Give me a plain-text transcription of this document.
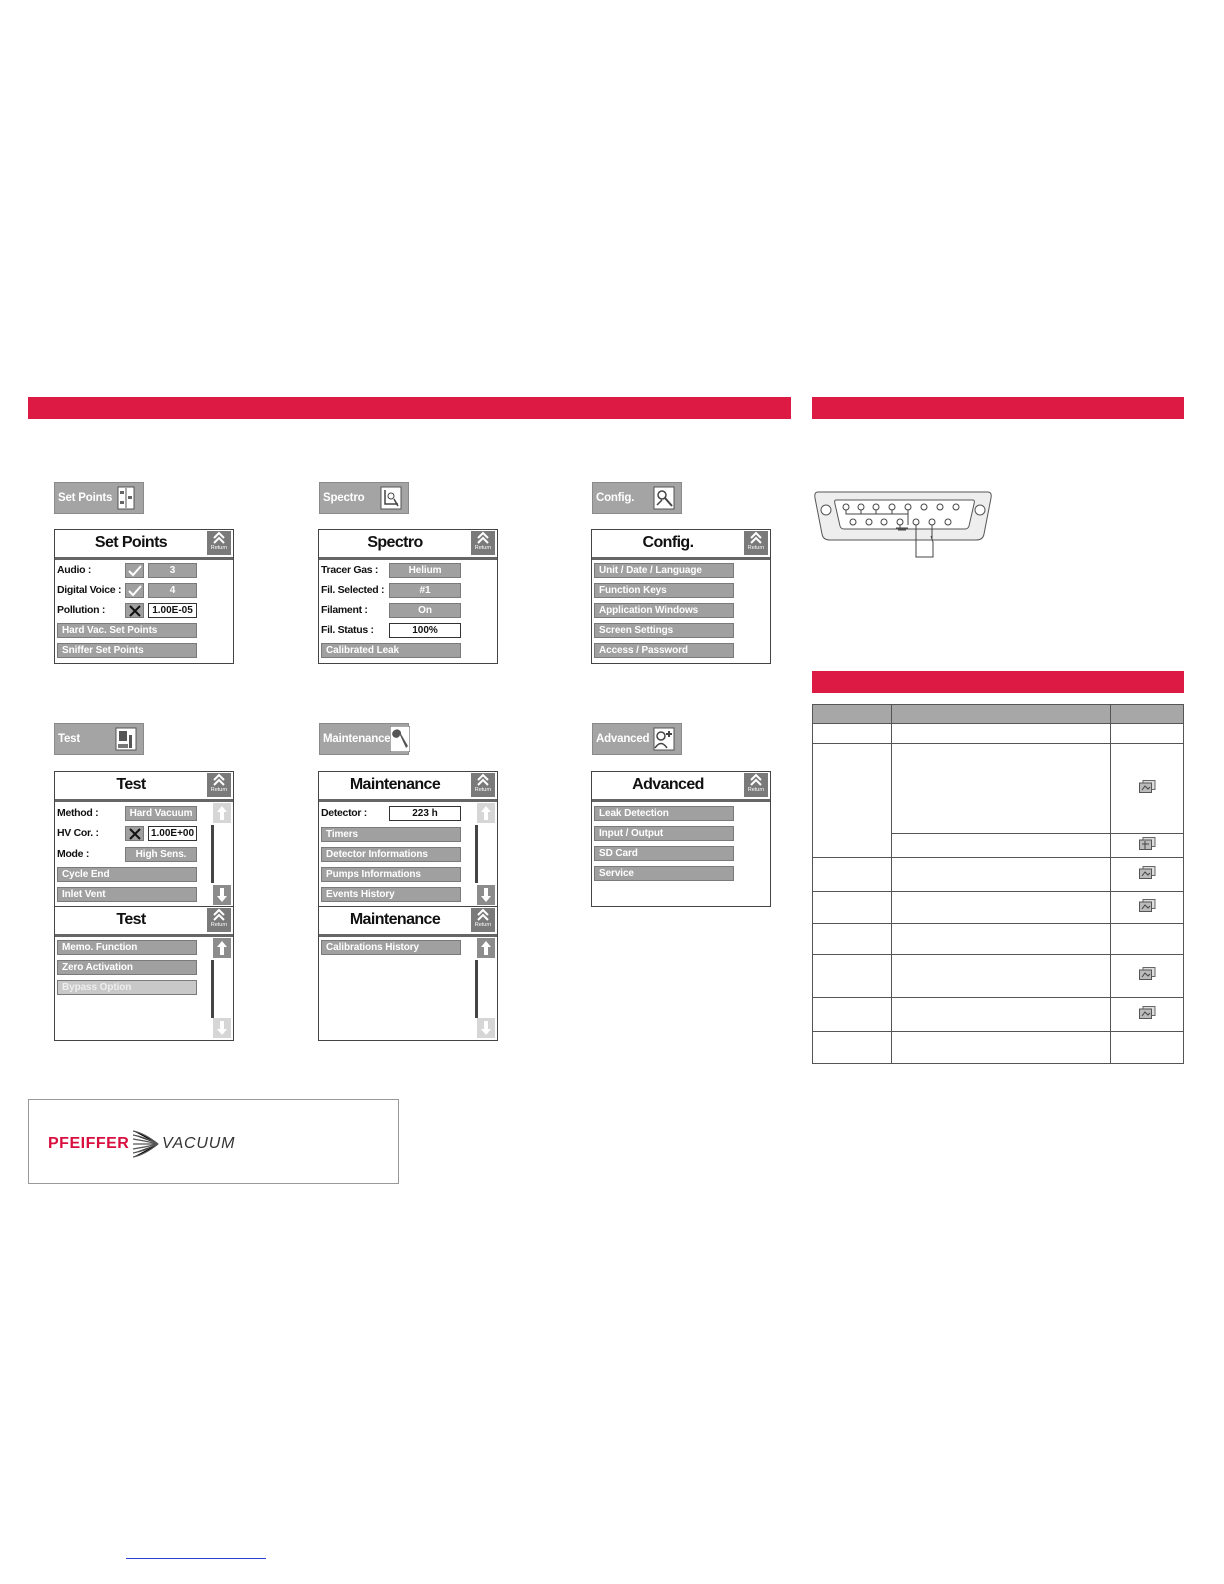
Set Points	Spectro	Config.
Test	Maintenance	Advanced
Set Points	Return
Audio :	3
Digital Voice :	4
Pollution :	1.00E-05
Hard Vac. Set Points
Sniffer Set Points
Spectro	Return
Tracer Gas :	Helium
Fil. Selected :	#1
Filament :	On
Fil. Status :	100%
Calibrated Leak
Config.	Return
Unit / Date / Language
Function Keys
Application Windows
Screen Settings
Access / Password
Test	Return
Method :	Hard Vacuum
HV Cor. :	1.00E+00
Mode :	High Sens.
Cycle End
Inlet Vent
Test	Return
Memo. Function
Zero Activation
Bypass Option
Maintenance	Return
Detector :	223 h
Timers
Detector Informations
Pumps Informations
Events History
Maintenance	Return
Calibrations History
Advanced	Return
Leak Detection
Input / Output
SD Card
Service

PFEIFFER VACUUM
